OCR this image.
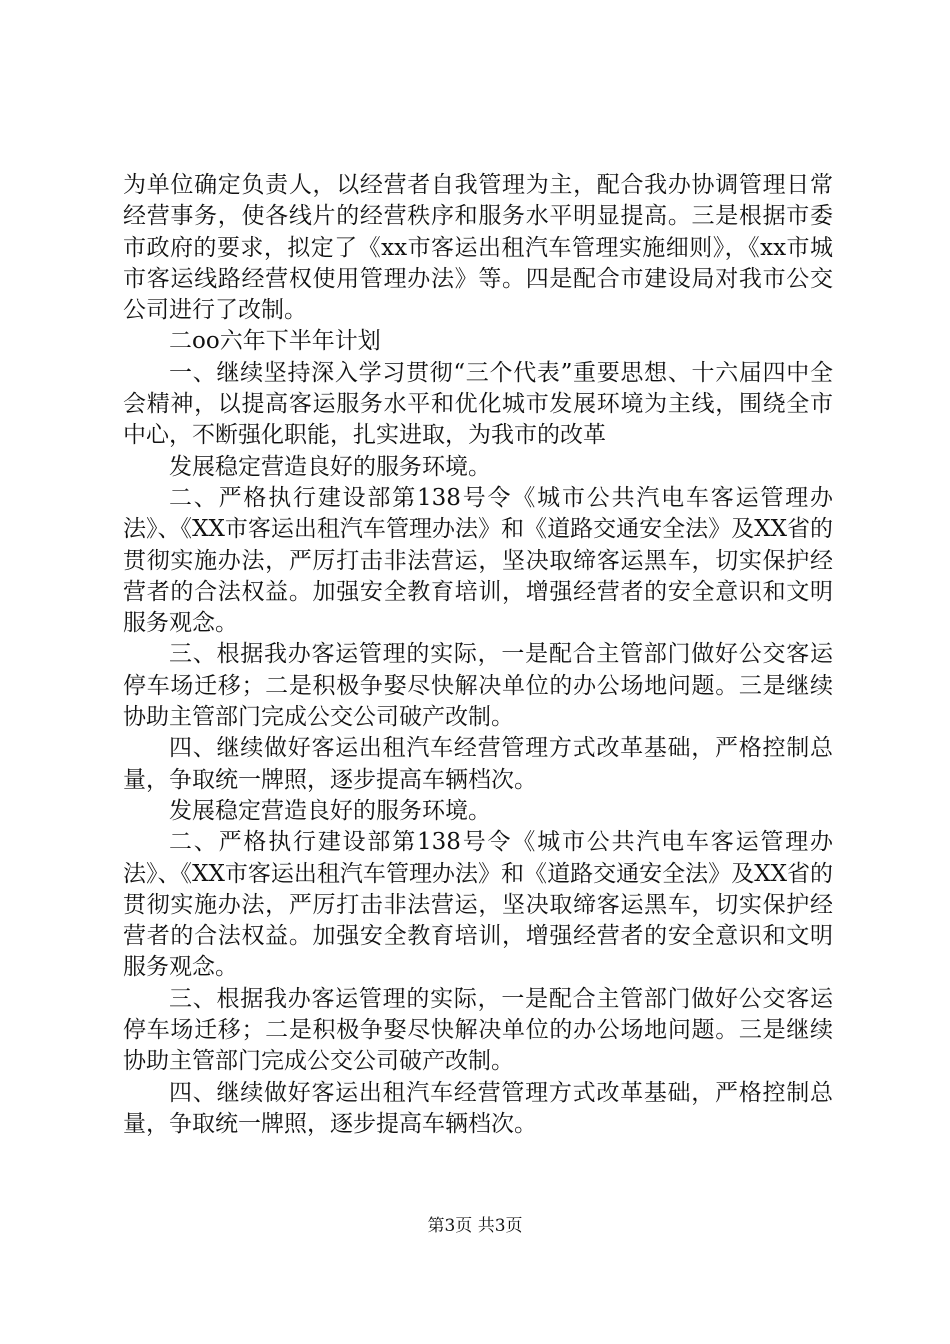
为单位确定负责人，以经营者自我管理为主，配合我办协调管理日常经营事务，使各线片的经营秩序和服务水平明显提高。三是根据市委市政府的要求，拟定了《xx市客运出租汽车管理实施细则》，《xx市城市客运线路经营权使用管理办法》等。四是配合市建设局对我市公交公司进行了改制。

二oo六年下半年计划

一、继续坚持深入学习贯彻“三个代表”重要思想、十六届四中全会精神，以提高客运服务水平和优化城市发展环境为主线，围绕全市中心，不断强化职能，扎实进取，为我市的改革

发展稳定营造良好的服务环境。

二、严格执行建设部第138号令《城市公共汽电车客运管理办法》、《XX市客运出租汽车管理办法》和《道路交通安全法》及XX省的贯彻实施办法，严厉打击非法营运，坚决取缔客运黑车，切实保护经营者的合法权益。加强安全教育培训，增强经营者的安全意识和文明服务观念。

三、根据我办客运管理的实际，一是配合主管部门做好公交客运停车场迁移；二是积极争娶尽快解决单位的办公场地问题。三是继续协助主管部门完成公交公司破产改制。

四、继续做好客运出租汽车经营管理方式改革基础，严格控制总量，争取统一牌照，逐步提高车辆档次。

发展稳定营造良好的服务环境。

二、严格执行建设部第138号令《城市公共汽电车客运管理办法》、《XX市客运出租汽车管理办法》和《道路交通安全法》及XX省的贯彻实施办法，严厉打击非法营运，坚决取缔客运黑车，切实保护经营者的合法权益。加强安全教育培训，增强经营者的安全意识和文明服务观念。

三、根据我办客运管理的实际，一是配合主管部门做好公交客运停车场迁移；二是积极争娶尽快解决单位的办公场地问题。三是继续协助主管部门完成公交公司破产改制。

四、继续做好客运出租汽车经营管理方式改革基础，严格控制总量，争取统一牌照，逐步提高车辆档次。

第3页 共3页
